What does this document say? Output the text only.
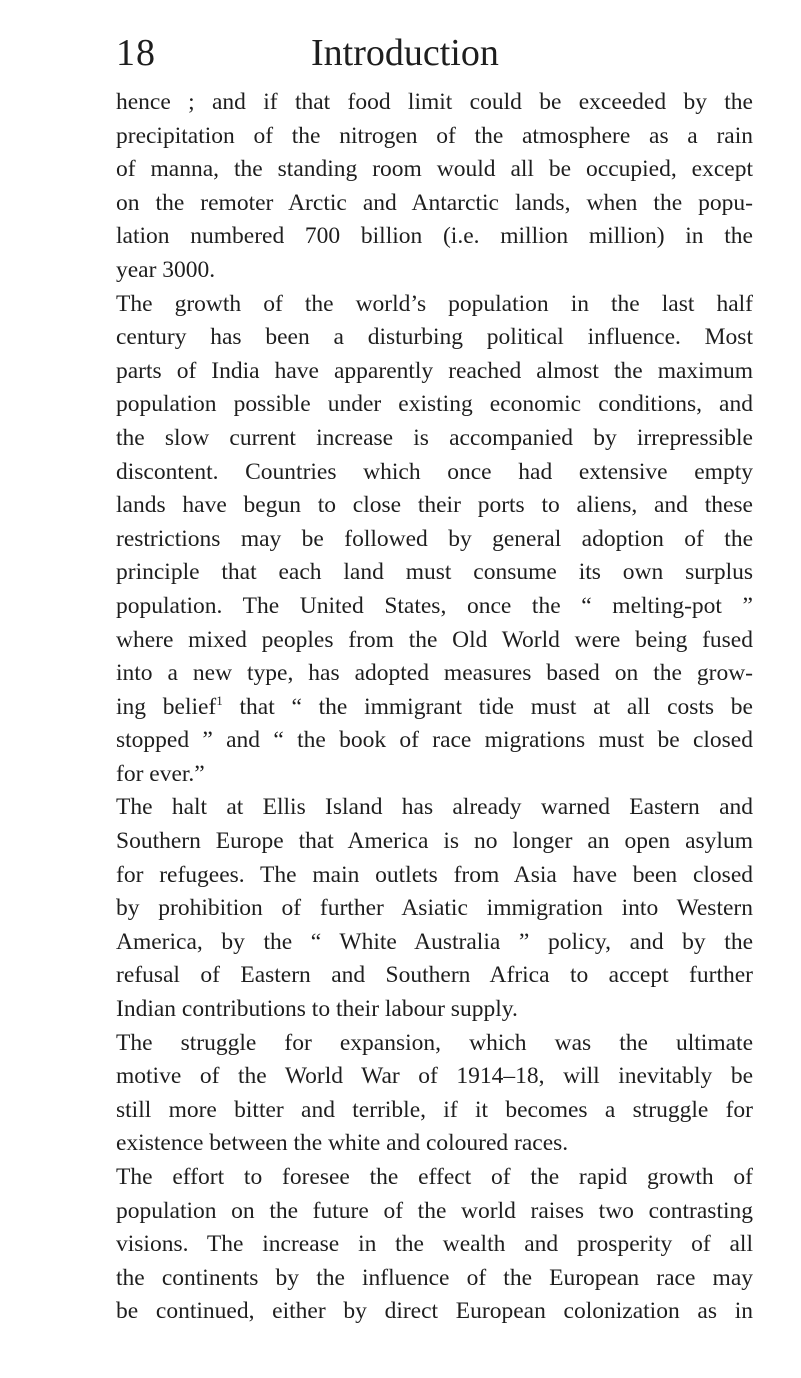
18	Introduction
hence ; and if that food limit could be exceeded by the
precipitation of the nitrogen of the atmosphere as a rain
of manna, the standing room would all be occupied, except
on the remoter Arctic and Antarctic lands, when the popu-
lation numbered 700 billion (i.e. million million) in the
year 3000.
The growth of the world’s population in the last half
century has been a disturbing political influence. Most
parts of India have apparently reached almost the maximum
population possible under existing economic conditions, and
the slow current increase is accompanied by irrepressible
discontent. Countries which once had extensive empty
lands have begun to close their ports to aliens, and these
restrictions may be followed by general adoption of the
principle that each land must consume its own surplus
population. The United States, once the “ melting-pot ”
where mixed peoples from the Old World were being fused
into a new type, has adopted measures based on the grow-
ing belief$^1$ that “ the immigrant tide must at all costs be
stopped ” and “ the book of race migrations must be closed
for ever.”
The halt at Ellis Island has already warned Eastern and
Southern Europe that America is no longer an open asylum
for refugees. The main outlets from Asia have been closed
by prohibition of further Asiatic immigration into Western
America, by the “ White Australia ” policy, and by the
refusal of Eastern and Southern Africa to accept further
Indian contributions to their labour supply.
The struggle for expansion, which was the ultimate
motive of the World War of 1914–18, will inevitably be
still more bitter and terrible, if it becomes a struggle for
existence between the white and coloured races.
The effort to foresee the effect of the rapid growth of
population on the future of the world raises two contrasting
visions. The increase in the wealth and prosperity of all
the continents by the influence of the European race may
be continued, either by direct European colonization as in
